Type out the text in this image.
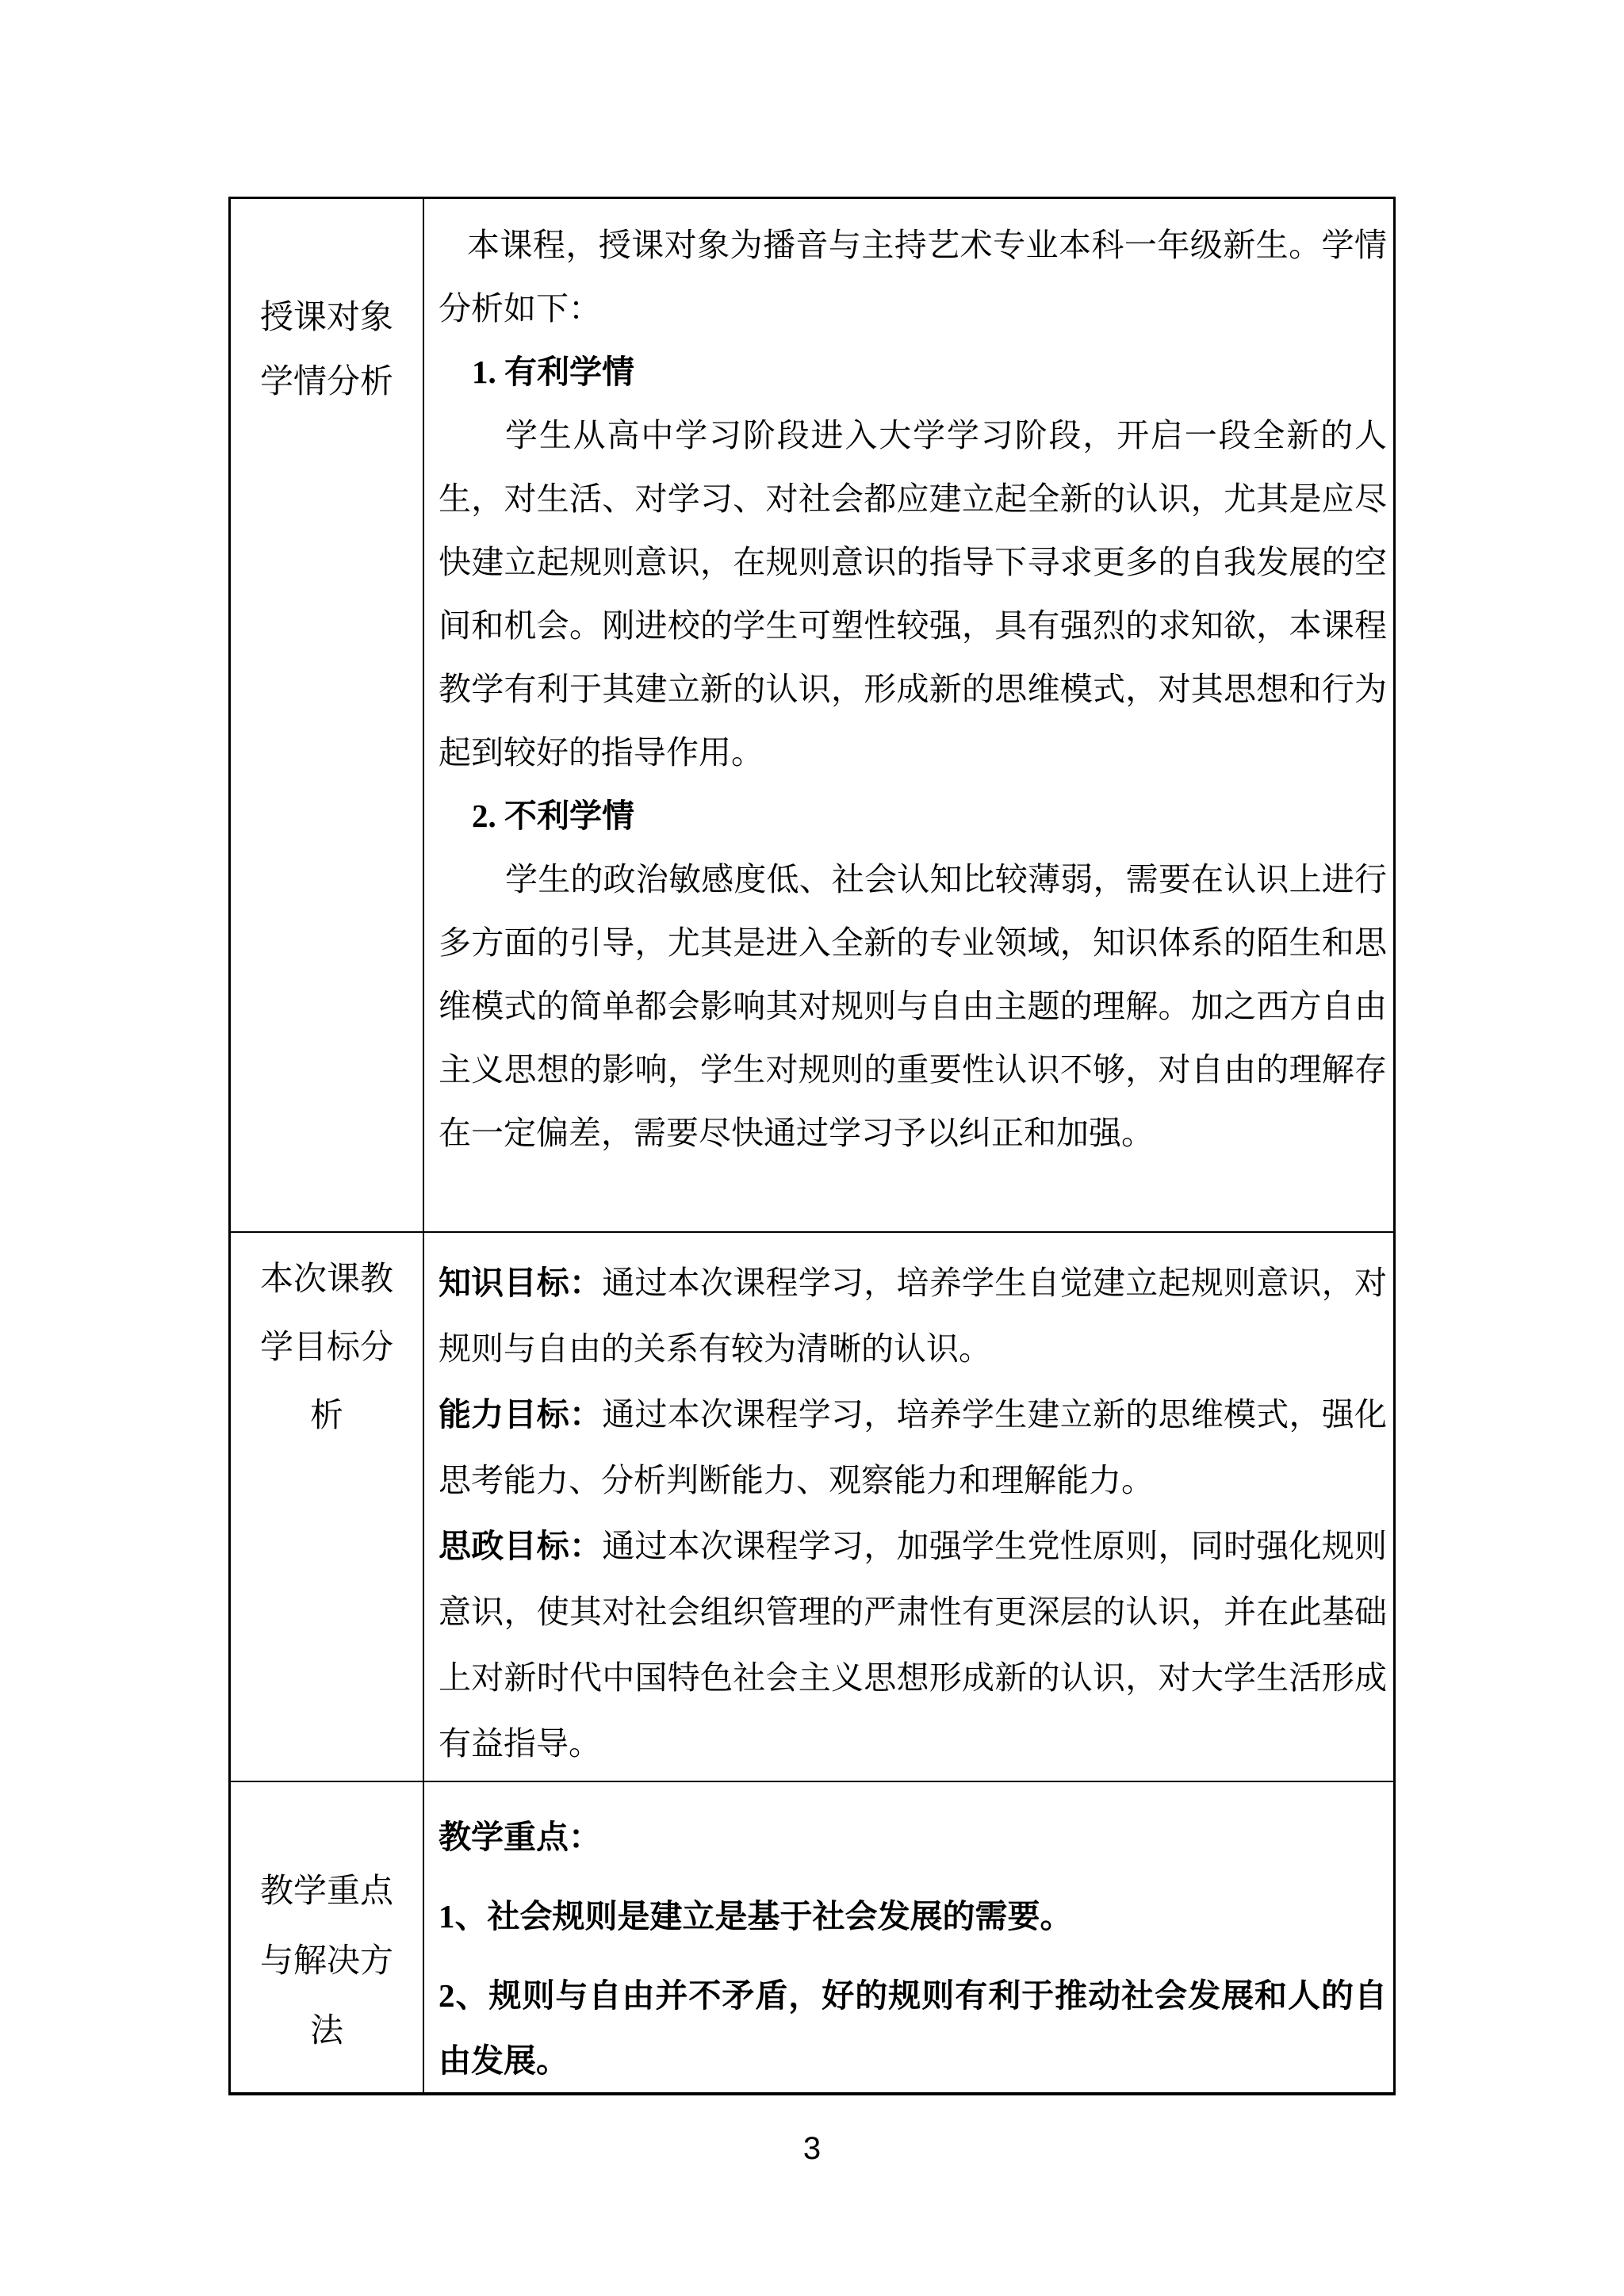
授课对象
学情分析
本课程，授课对象为播音与主持艺术专业本科一年级新生。学情
分析如下：
1. 有利学情
学生从高中学习阶段进入大学学习阶段，开启一段全新的人
生，对生活、对学习、对社会都应建立起全新的认识，尤其是应尽
快建立起规则意识，在规则意识的指导下寻求更多的自我发展的空
间和机会。刚进校的学生可塑性较强，具有强烈的求知欲，本课程
教学有利于其建立新的认识，形成新的思维模式，对其思想和行为
起到较好的指导作用。
2. 不利学情
学生的政治敏感度低、社会认知比较薄弱，需要在认识上进行
多方面的引导，尤其是进入全新的专业领域，知识体系的陌生和思
维模式的简单都会影响其对规则与自由主题的理解。加之西方自由
主义思想的影响，学生对规则的重要性认识不够，对自由的理解存
在一定偏差，需要尽快通过学习予以纠正和加强。
本次课教
学目标分
析
知识目标：通过本次课程学习，培养学生自觉建立起规则意识，对
规则与自由的关系有较为清晰的认识。
能力目标：通过本次课程学习，培养学生建立新的思维模式，强化
思考能力、分析判断能力、观察能力和理解能力。
思政目标：通过本次课程学习，加强学生党性原则，同时强化规则
意识，使其对社会组织管理的严肃性有更深层的认识，并在此基础
上对新时代中国特色社会主义思想形成新的认识，对大学生活形成
有益指导。
教学重点
与解决方
法
教学重点：
1、社会规则是建立是基于社会发展的需要。
2、规则与自由并不矛盾，好的规则有利于推动社会发展和人的自
由发展。
3
